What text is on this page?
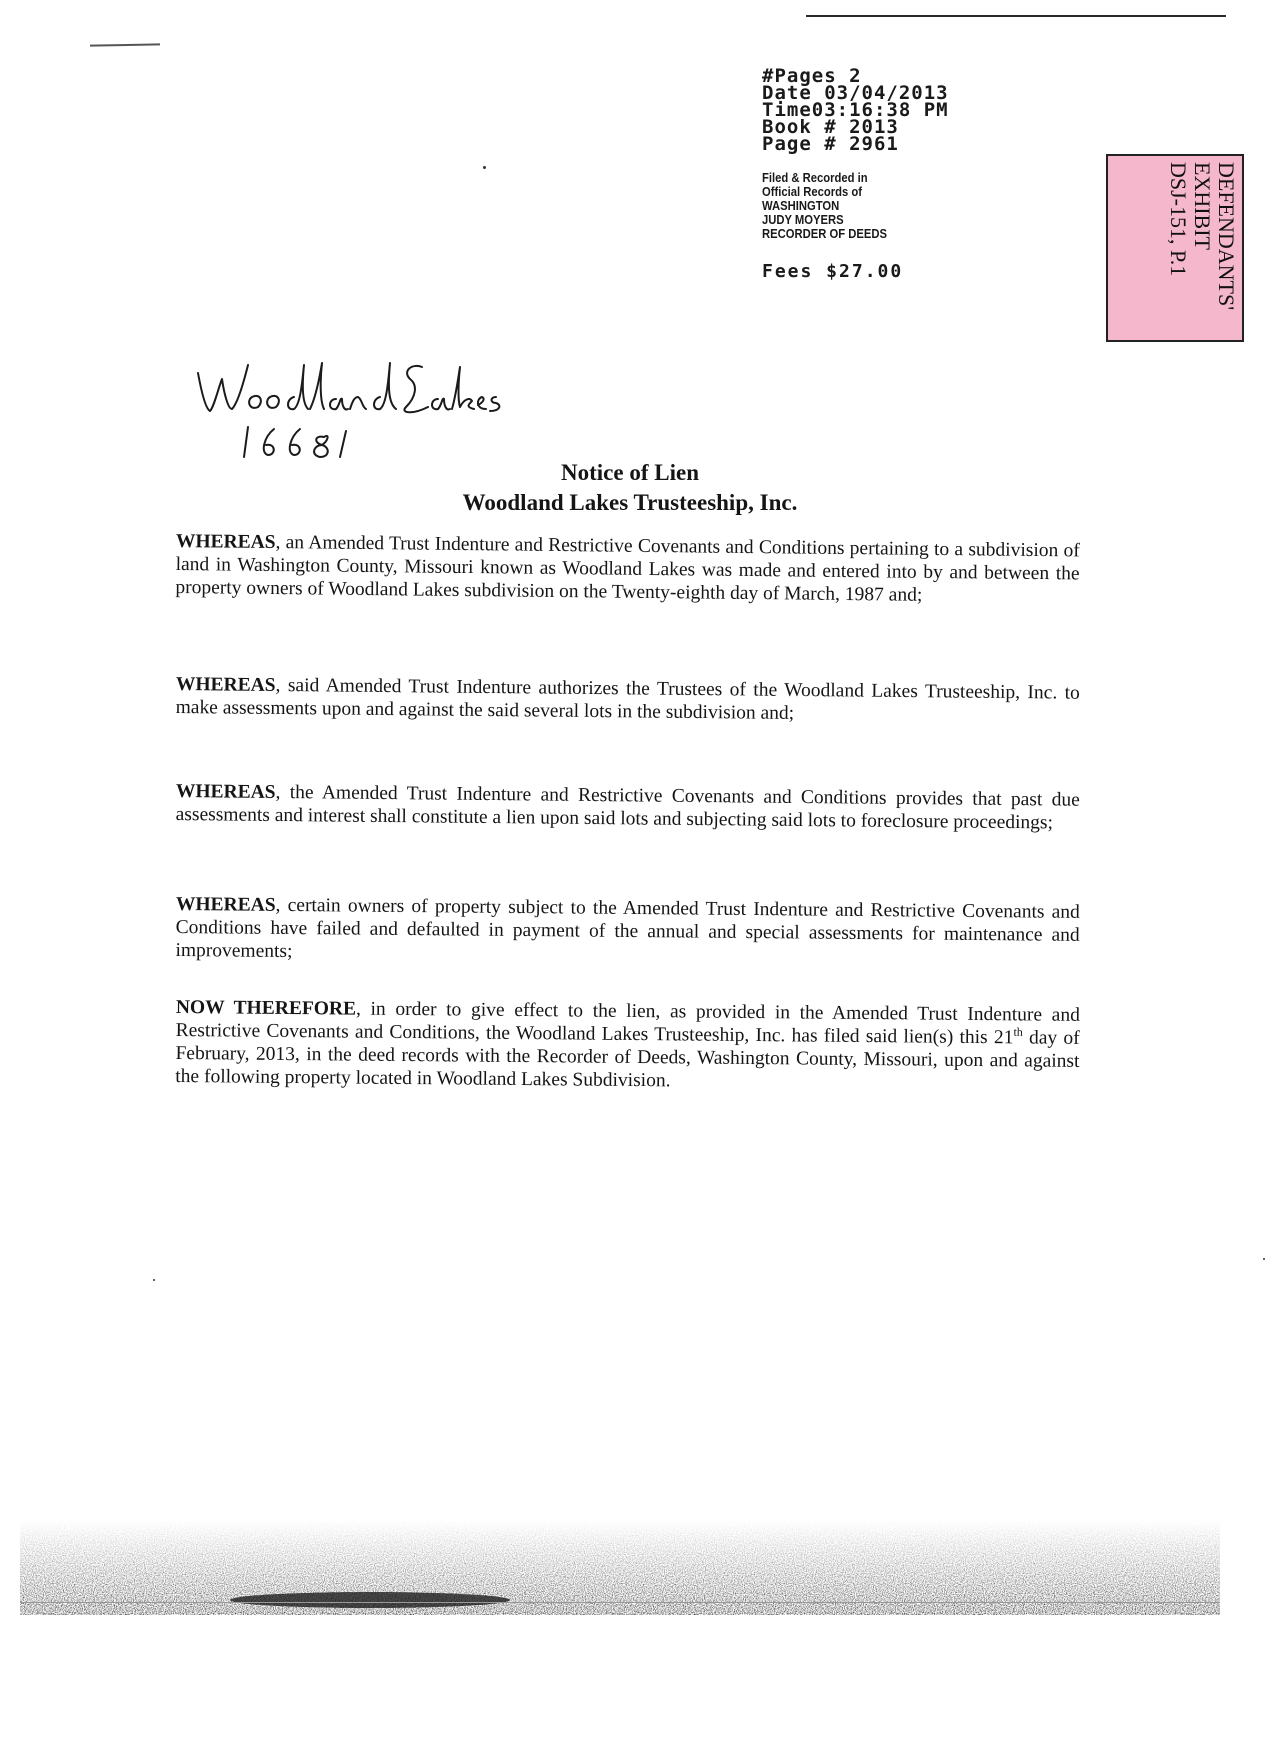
#Pages 2
Date 03/04/2013
Time03:16:38 PM
Book # 2013
Page # 2961
Filed & Recorded in
Official Records of
WASHINGTON
JUDY MOYERS
RECORDER OF DEEDS
Fees $27.00	DEFENDANTS'
EXHIBIT
DSJ-151, P.1
Notice of Lien
Woodland Lakes Trusteeship, Inc.
WHEREAS, an Amended Trust Indenture and Restrictive Covenants and Conditions pertaining to a subdivision of land in Washington County, Missouri known as Woodland Lakes was made and entered into by and between the property owners of Woodland Lakes subdivision on the Twenty-eighth day of March, 1987 and;
WHEREAS, said Amended Trust Indenture authorizes the Trustees of the Woodland Lakes Trusteeship, Inc. to make assessments upon and against the said several lots in the subdivision and;
WHEREAS, the Amended Trust Indenture and Restrictive Covenants and Conditions provides that past due assessments and interest shall constitute a lien upon said lots and subjecting said lots to foreclosure proceedings;
WHEREAS, certain owners of property subject to the Amended Trust Indenture and Restrictive Covenants and Conditions have failed and defaulted in payment of the annual and special assessments for maintenance and improvements;
NOW THEREFORE, in order to give effect to the lien, as provided in the Amended Trust Indenture and Restrictive Covenants and Conditions, the Woodland Lakes Trusteeship, Inc. has filed said lien(s) this 21th day of February, 2013, in the deed records with the Recorder of Deeds, Washington County, Missouri, upon and against the following property located in Woodland Lakes Subdivision.
